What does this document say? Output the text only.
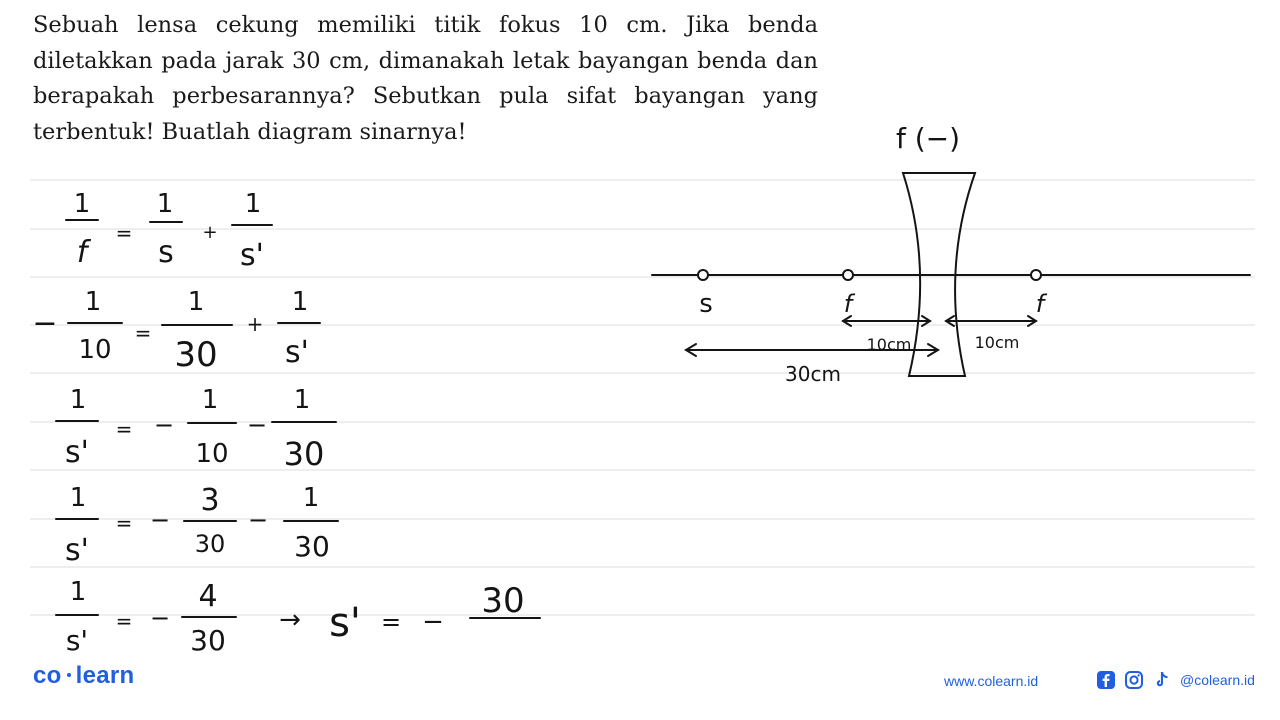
Sebuah lensa cekung memiliki titik fokus 10 cm. Jika benda diletakkan pada jarak 30 cm, dimanakah letak bayangan benda dan berapakah perbesarannya? Sebutkan pula sifat bayangan yang terbentuk! Buatlah diagram sinarnya!

1
f
=
1
s
+
1
s'
−
1
10
=
1
30
+
1
s'
1
s'
= −
1
10
−
1
30
1
s'
= −
3
30
−
1
30
1
s'
= −
4
30
→ s' = −
30
f (−)
s	f	f
10cm	10cm
30cm
co learn	www.colearn.id	@colearn.id
